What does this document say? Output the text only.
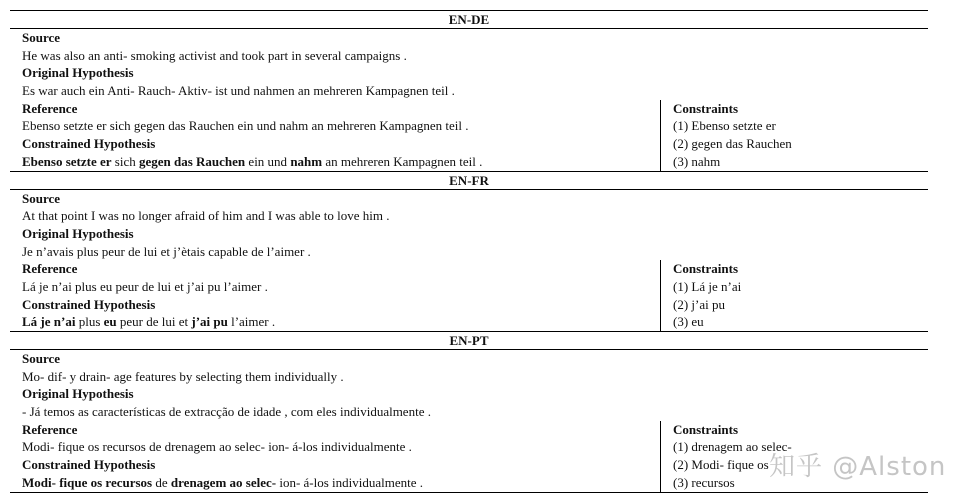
EN-DE
Source
He was also an anti- smoking activist and took part in several campaigns .
Original Hypothesis
Es war auch ein Anti- Rauch- Aktiv- ist und nahmen an mehreren Kampagnen teil .
Reference
Ebenso setzte er sich gegen das Rauchen ein und nahm an mehreren Kampagnen teil .
Constrained Hypothesis
Ebenso setzte er sich gegen das Rauchen ein und nahm an mehreren Kampagnen teil .
Constraints
(1) Ebenso setzte er
(2) gegen das Rauchen
(3) nahm
EN-FR
Source
At that point I was no longer afraid of him and I was able to love him .
Original Hypothesis
Je n’avais plus peur de lui et j’ètais capable de l’aimer .
Reference
Lá je n’ai plus eu peur de lui et j’ai pu l’aimer .
Constrained Hypothesis
Lá je n’ai plus eu peur de lui et j’ai pu l’aimer .
Constraints
(1) Lá je n’ai
(2) j’ai pu
(3) eu
EN-PT
Source
Mo- dif- y drain- age features by selecting them individually .
Original Hypothesis
- Já temos as características de extracção de idade , com eles individualmente .
Reference
Modi- fique os recursos de drenagem ao selec- ion- á-los individualmente .
Constrained Hypothesis
Modi- fique os recursos de drenagem ao selec- ion- á-los individualmente .
Constraints
(1) drenagem ao selec-
(2) Modi- fique os
(3) recursos
知乎 @Alston
